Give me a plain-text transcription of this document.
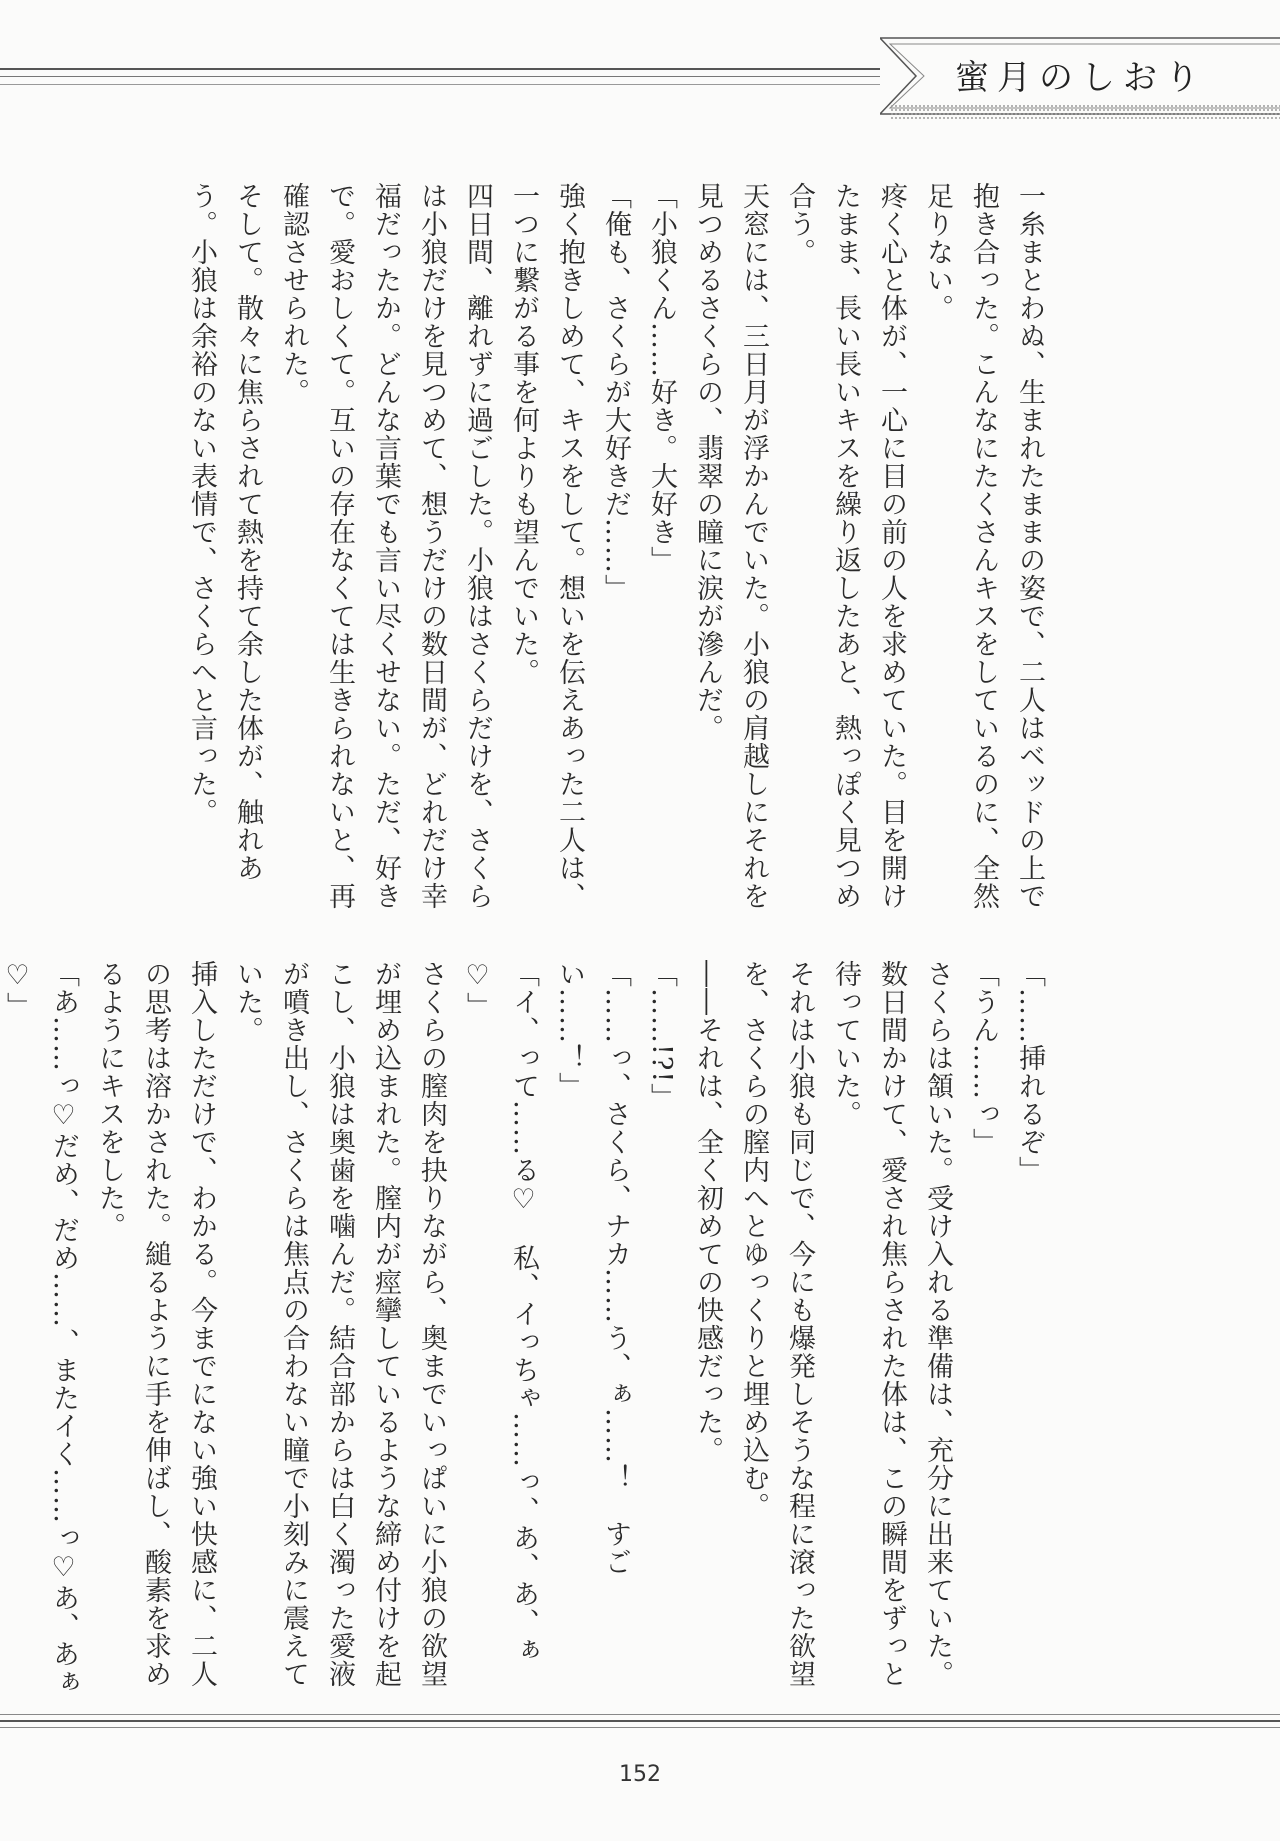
蜜月のしおり

一糸まとわぬ、生まれたままの姿で、二人はベッドの上で抱き合った。こんなにたくさんキスをしているのに、全然足りない。

疼く心と体が、一心に目の前の人を求めていた。目を開けたまま、長い長いキスを繰り返したあと、熱っぽく見つめ合う。

天窓には、三日月が浮かんでいた。小狼の肩越しにそれを見つめるさくらの、翡翠の瞳に涙が滲んだ。

「小狼くん……好き。大好き」

「俺も、さくらが大好きだ……」

強く抱きしめて、キスをして。想いを伝えあった二人は、一つに繋がる事を何よりも望んでいた。

四日間、離れずに過ごした。小狼はさくらだけを、さくらは小狼だけを見つめて、想うだけの数日間が、どれだけ幸福だったか。どんな言葉でも言い尽くせない。ただ、好きで。愛おしくて。互いの存在なくては生きられないと、再確認させられた。

そして。散々に焦らされて熱を持て余した体が、触れあう。小狼は余裕のない表情で、さくらへと言った。

「……挿れるぞ」

「うん……っ」

さくらは頷いた。受け入れる準備は、充分に出来ていた。数日間かけて、愛され焦らされた体は、この瞬間をずっと待っていた。

それは小狼も同じで、今にも爆発しそうな程に滾った欲望を、さくらの膣内へとゆっくりと埋め込む。

――それは、全く初めての快感だった。

「……!?!」

「……っ、さくら、ナカ……う、ぁ……！　すごい……！」

「イ、って……る♡　私、イっちゃ……っ、あ、あ、ぁ♡」

さくらの膣肉を抉りながら、奥までいっぱいに小狼の欲望が埋め込まれた。膣内が痙攣しているような締め付けを起こし、小狼は奥歯を噛んだ。結合部からは白く濁った愛液が噴き出し、さくらは焦点の合わない瞳で小刻みに震えていた。

挿入しただけで、わかる。今までにない強い快感に、二人の思考は溶かされた。縋るように手を伸ばし、酸素を求めるようにキスをした。

「あ……っ♡だめ、だめ……、またイく……っ♡あ、あぁ♡」

152
